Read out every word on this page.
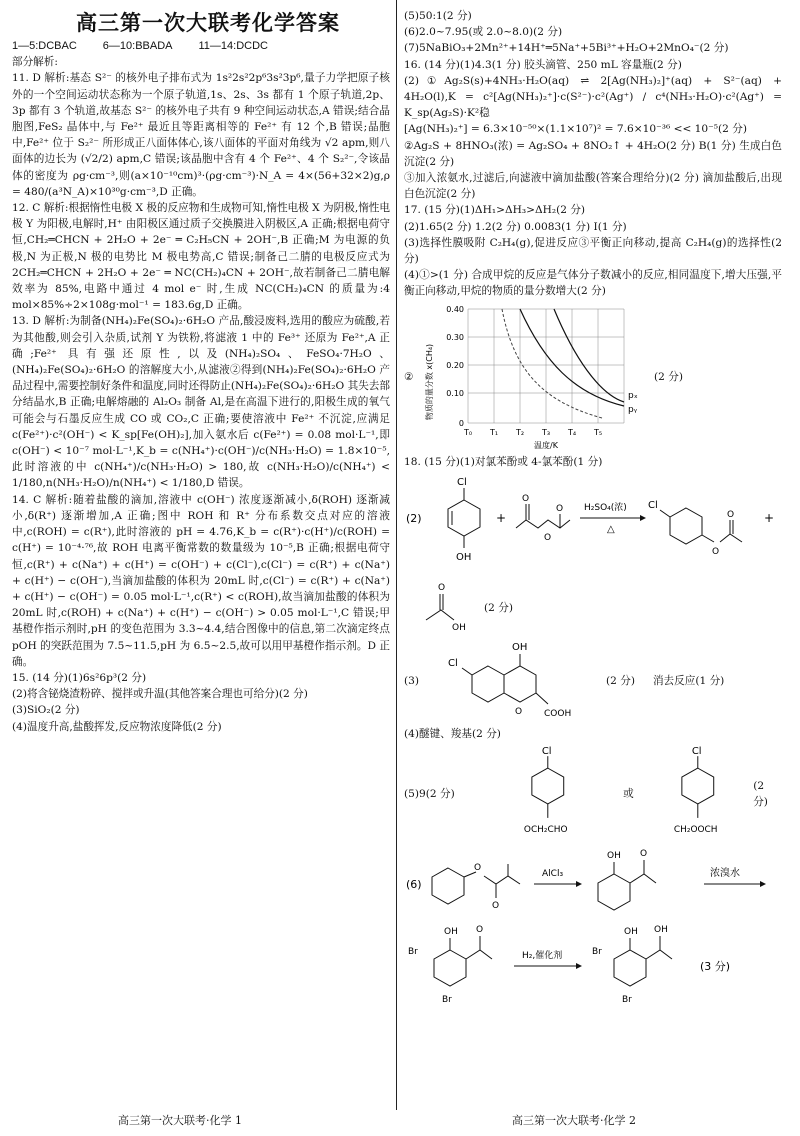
高三第一次大联考化学答案
1—5:DCBAC 6—10:BBADA 11—14:DCDC

部分解析:

11. D 解析:基态 S²⁻ 的核外电子排布式为 1s²2s²2p⁶3s²3p⁶,量子力学把原子核外的一个空间运动状态称为一个原子轨道,1s、2s、3s 都有 1 个原子轨道,2p、3p 都有 3 个轨道,故基态 S²⁻ 的核外电子共有 9 种空间运动状态,A 错误;结合晶胞图,FeS₂ 晶体中,与 Fe²⁺ 最近且等距离相等的 Fe²⁺ 有 12 个,B 错误;晶胞中,Fe²⁺ 位于 S₂²⁻ 所形成正八面体体心,该八面体的平面对角线为 √2 apm,则八面体的边长为 (√2/2) apm,C 错误;该晶胞中含有 4 个 Fe²⁺、4 个 S₂²⁻,令该晶体的密度为 ρg·cm⁻³,则(a×10⁻¹⁰cm)³·(ρg·cm⁻³)·N_A = 4×(56+32×2)g,ρ = 480/(a³N_A)×10³⁰g·cm⁻³,D 正确。

12. C 解析:根据惰性电极 X 极的反应物和生成物可知,惰性电极 X 为阴极,惰性电极 Y 为阳极,电解时,H⁺ 由阳极区通过质子交换膜进入阴极区,A 正确;根据电荷守恒,CH₂═CHCN + 2H₂O + 2e⁻ ═ C₂H₅CN + 2OH⁻,B 正确;M 为电源的负极,N 为正极,N 极的电势比 M 极电势高,C 错误;制备己二腈的电极反应式为 2CH₂═CHCN + 2H₂O + 2e⁻ ═ NC(CH₂)₄CN + 2OH⁻,故若制备己二腈电解效率为 85%,电路中通过 4 mol e⁻ 时,生成 NC(CH₂)₄CN 的质量为:4 mol×85%÷2×108g·mol⁻¹ = 183.6g,D 正确。

13. D 解析:为制备(NH₄)₂Fe(SO₄)₂·6H₂O 产品,酸浸废料,选用的酸应为硫酸,若为其他酸,则会引入杂质,试剂 Y 为铁粉,将滤液 1 中的 Fe³⁺ 还原为 Fe²⁺,A 正确;Fe²⁺ 具有强还原性,以及(NH₄)₂SO₄、FeSO₄·7H₂O、(NH₄)₂Fe(SO₄)₂·6H₂O 的溶解度大小,从滤液②得到(NH₄)₂Fe(SO₄)₂·6H₂O 产品过程中,需要控制好条件和温度,同时还得防止(NH₄)₂Fe(SO₄)₂·6H₂O 其失去部分结晶水,B 正确;电解熔融的 Al₂O₃ 制备 Al,是在高温下进行的,阳极生成的氧气可能会与石墨反应生成 CO 或 CO₂,C 正确;要使溶液中 Fe²⁺ 不沉淀,应满足 c(Fe²⁺)·c²(OH⁻) < K_sp[Fe(OH)₂],加入氨水后 c(Fe²⁺) = 0.08 mol·L⁻¹,即 c(OH⁻) < 10⁻⁷ mol·L⁻¹,K_b = c(NH₄⁺)·c(OH⁻)/c(NH₃·H₂O) = 1.8×10⁻⁵,此时溶液的中 c(NH₄⁺)/c(NH₃·H₂O) > 180,故 c(NH₃·H₂O)/c(NH₄⁺) < 1/180,n(NH₃·H₂O)/n(NH₄⁺) < 1/180,D 错误。

14. C 解析:随着盐酸的滴加,溶液中 c(OH⁻) 浓度逐渐减小,δ(ROH) 逐渐减小,δ(R⁺) 逐渐增加,A 正确;图中 ROH 和 R⁺ 分布系数交点对应的溶液中,c(ROH) = c(R⁺),此时溶液的 pH = 4.76,K_b = c(R⁺)·c(H⁺)/c(ROH) = c(H⁺) = 10⁻⁴·⁷⁶,故 ROH 电离平衡常数的数量级为 10⁻⁵,B 正确;根据电荷守恒,c(R⁺) + c(Na⁺) + c(H⁺) = c(OH⁻) + c(Cl⁻),c(Cl⁻) = c(R⁺) + c(Na⁺) + c(H⁺) − c(OH⁻),当滴加盐酸的体积为 20mL 时,c(Cl⁻) = c(R⁺) + c(Na⁺) + c(H⁺) − c(OH⁻) = 0.05 mol·L⁻¹,c(R⁺) < c(ROH),故当滴加盐酸的体积为 20mL 时,c(ROH) + c(Na⁺) + c(H⁺) − c(OH⁻) > 0.05 mol·L⁻¹,C 错误;甲基橙作指示剂时,pH 的变色范围为 3.3~4.4,结合图像中的信息,第二次滴定终点 pOH 的突跃范围为 7.5~11.5,pH 为 6.5~2.5,故可以用甲基橙作指示剂。D 正确。

15. (14 分)(1)6s²6p³(2 分)

(2)将含铋烧渣粉碎、搅拌或升温(其他答案合理也可给分)(2 分)

(3)SiO₂(2 分)

(4)温度升高,盐酸挥发,反应物浓度降低(2 分)

(5)50:1(2 分)

(6)2.0~7.95(或 2.0~8.0)(2 分)

(7)5NaBiO₃+2Mn²⁺+14H⁺═5Na⁺+5Bi³⁺+H₂O+2MnO₄⁻(2 分)

16. (14 分)(1)4.3(1 分) 胶头滴管、250 mL 容量瓶(2 分)

(2)①Ag₂S(s)+4NH₃·H₂O(aq) ⇌ 2[Ag(NH₃)₂]⁺(aq) + S²⁻(aq) + 4H₂O(l),K = c²[Ag(NH₃)₂⁺]·c(S²⁻)·c²(Ag⁺) / c⁴(NH₃·H₂O)·c²(Ag⁺) = K_sp(Ag₂S)·K²稳

[Ag(NH₃)₂⁺] = 6.3×10⁻⁵⁰×(1.1×10⁷)² = 7.6×10⁻³⁶ << 10⁻⁵(2 分)

②Ag₂S + 8HNO₃(浓) = Ag₂SO₄ + 8NO₂↑ + 4H₂O(2 分) B(1 分) 生成白色沉淀(2 分)

③加入浓氨水,过滤后,向滤液中滴加盐酸(答案合理给分)(2 分) 滴加盐酸后,出现白色沉淀(2 分)

17. (15 分)(1)ΔH₁>ΔH₃>ΔH₂(2 分)

(2)1.65(2 分) 1.2(2 分) 0.0083(1 分) Ⅰ(1 分)

(3)选择性膜吸附 C₂H₄(g),促进反应③平衡正向移动,提高 C₂H₄(g)的选择性(2 分)

(4)①>(1 分) 合成甲烷的反应是气体分子数减小的反应,相同温度下,增大压强,平衡正向移动,甲烷的物质的量分数增大(2 分)

②	物质的量分数 x(CH₄)
0.40
0.30
0.20
0.10
0
pₓ
pᵧ
T₀ T₁ T₂ T₃ T₄ T₅
温度/K
(2 分)

18. (15 分)(1)对氯苯酚或 4-氯苯酚(1 分)

(2)
Cl
OH
+
O
O
O H₂SO₄(浓)
△
Cl
O
O +
O
OH
(2 分)
(3)
OH
Cl
O COOH
(2 分) 消去反应(1 分)

(4)醚键、羧基(2 分)

(5)9(2 分)
Cl
OCH₂CHO
或
Cl
CH₂OOCH
(2 分)
(6)
O
O
AlCl₃
OH O
浓溴水
OH O
Br
Br
H₂,催化剂
OH OH
Br
Br
(3 分)
高三第一次大联考·化学 1	高三第一次大联考·化学 2
